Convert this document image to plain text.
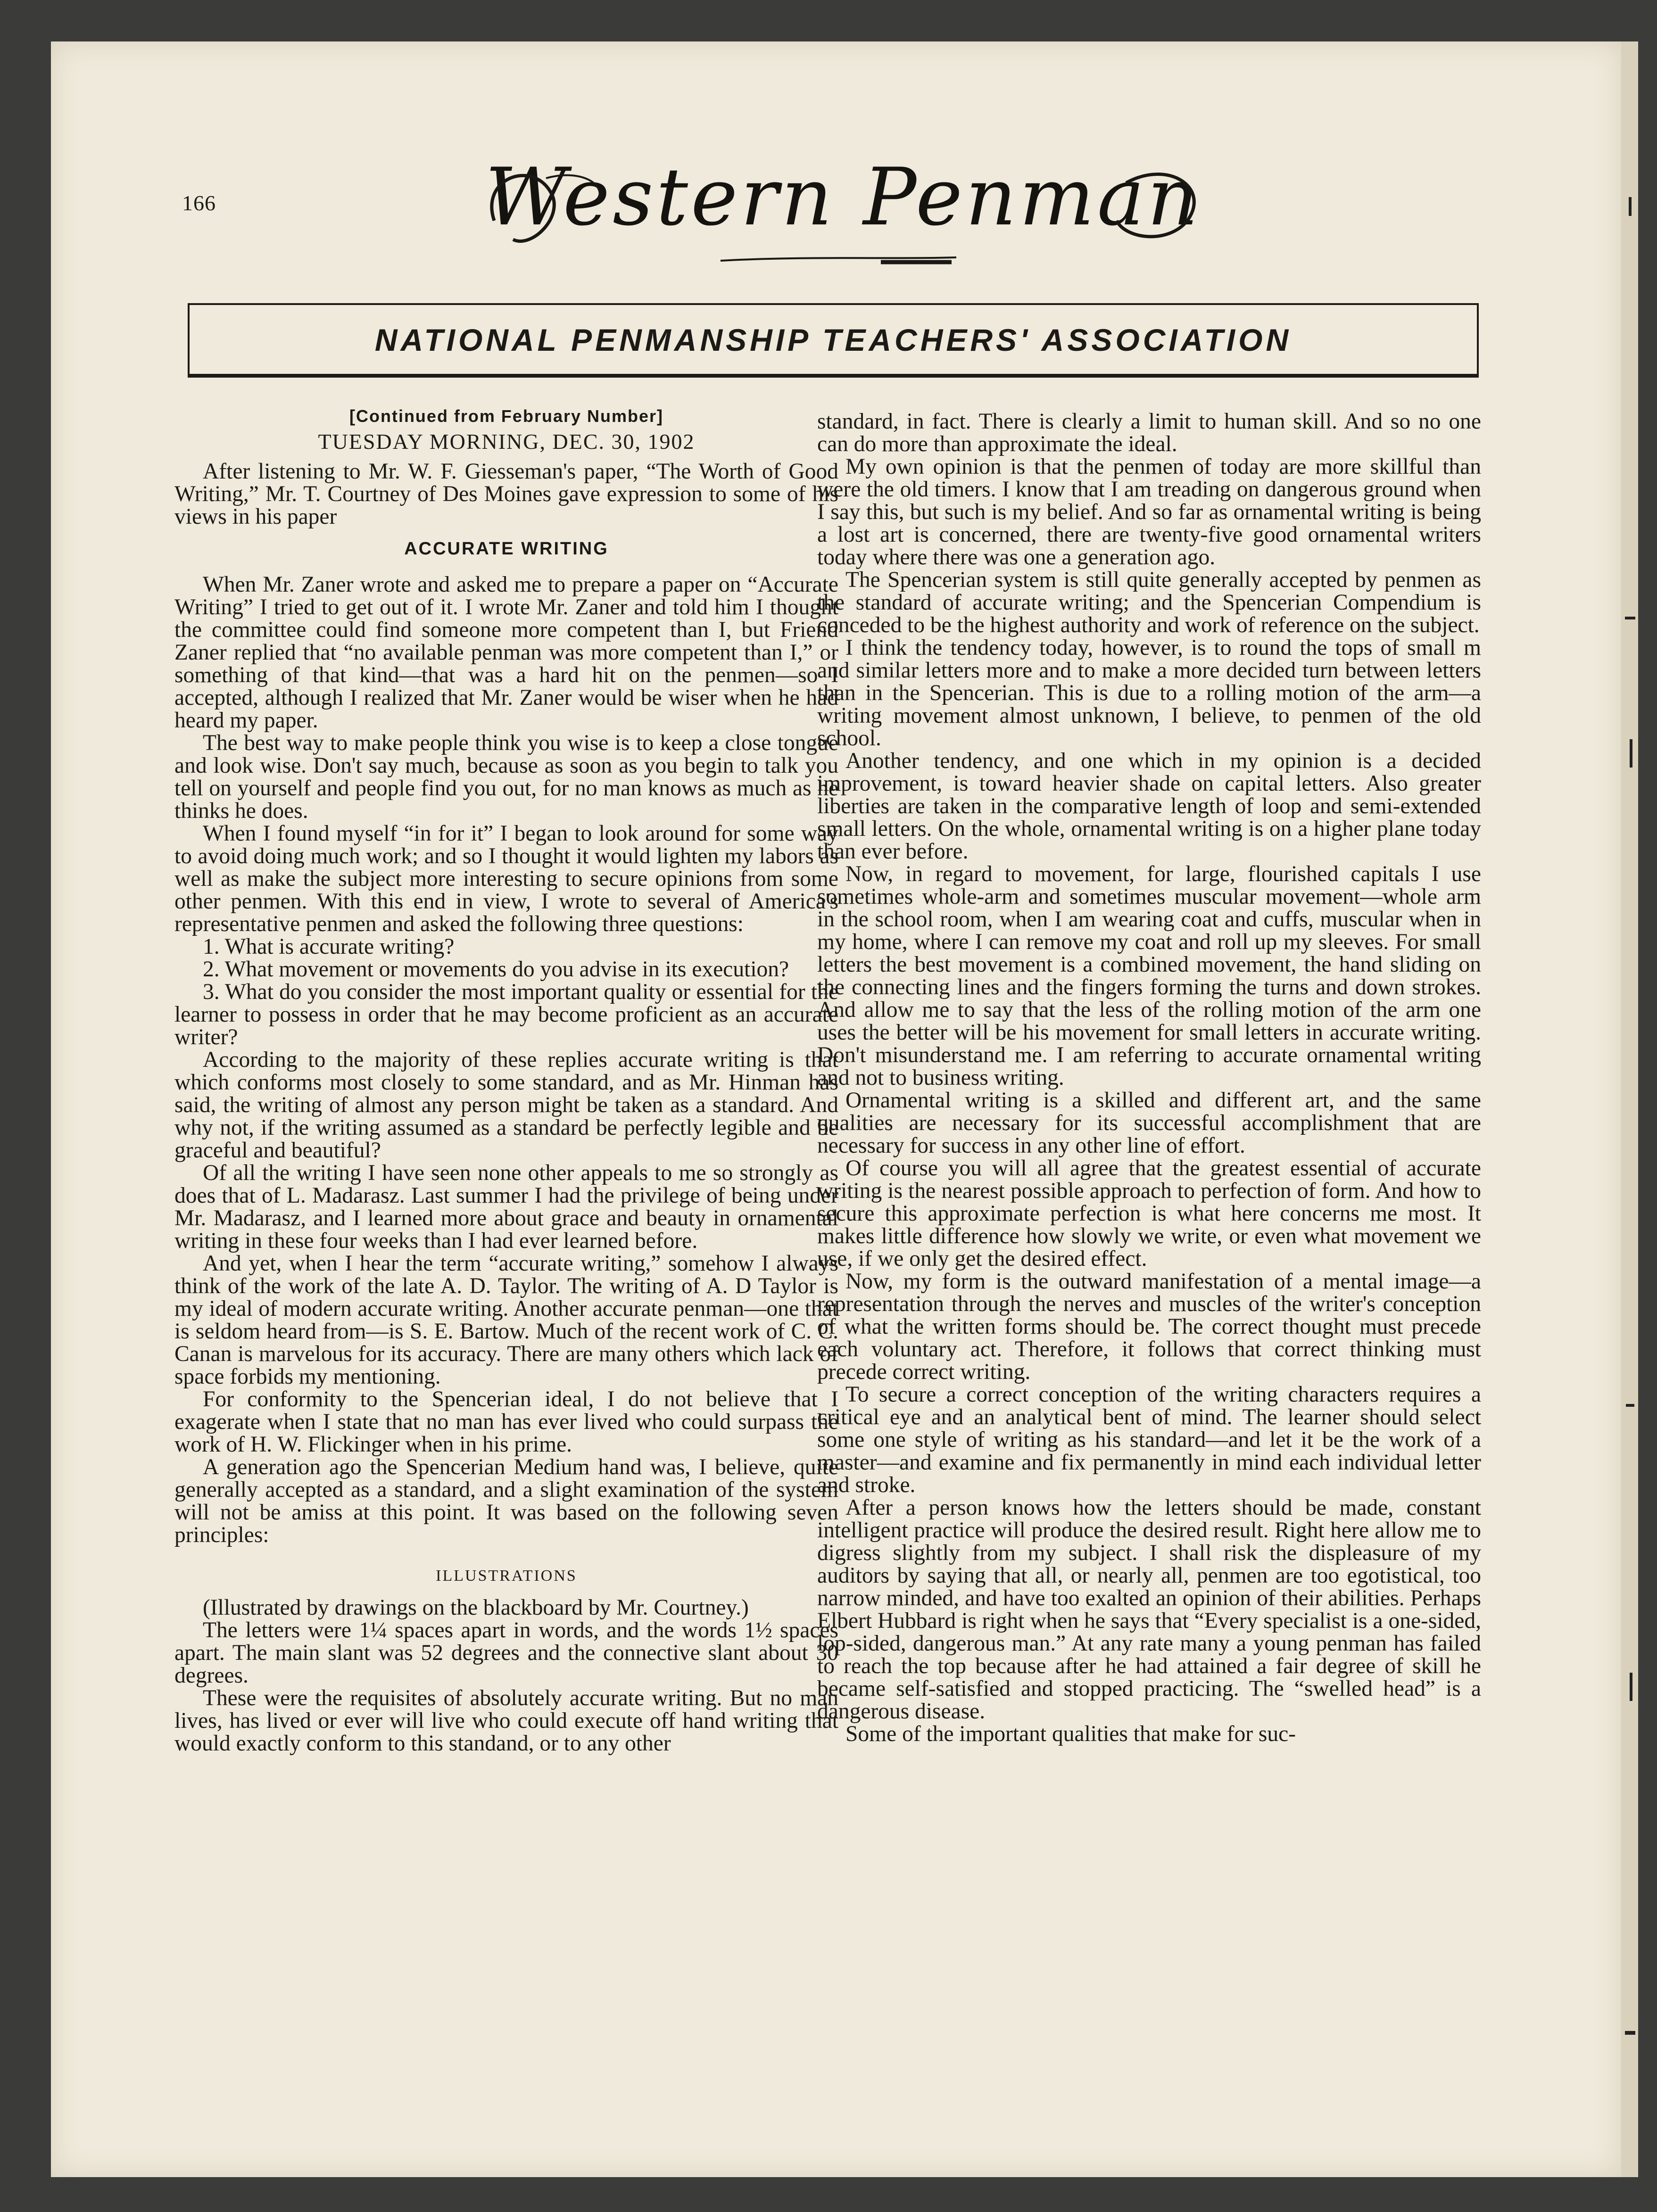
166	Western Penman
NATIONAL PENMANSHIP TEACHERS' ASSOCIATION
[Continued from February Number]
TUESDAY MORNING, DEC. 30, 1902

After listening to Mr. W. F. Giesseman's paper, “The Worth of Good Writing,” Mr. T. Courtney of Des Moines gave expression to some of his views in his paper

ACCURATE WRITING

When Mr. Zaner wrote and asked me to prepare a paper on “Accurate Writing” I tried to get out of it. I wrote Mr. Zaner and told him I thought the committee could find someone more competent than I, but Friend Zaner replied that “no available penman was more competent than I,” or something of that kind—that was a hard hit on the penmen—so I accepted, although I realized that Mr. Zaner would be wiser when he had heard my paper.

The best way to make people think you wise is to keep a close tongue and look wise. Don't say much, because as soon as you begin to talk you tell on yourself and people find you out, for no man knows as much as he thinks he does.

When I found myself “in for it” I began to look around for some way to avoid doing much work; and so I thought it would lighten my labors as well as make the subject more interesting to secure opinions from some other penmen. With this end in view, I wrote to several of America's representative penmen and asked the following three questions:

1. What is accurate writing?

2. What movement or movements do you advise in its execution?

3. What do you consider the most important quality or essential for the learner to possess in order that he may become proficient as an accurate writer?

According to the majority of these replies accurate writing is that which conforms most closely to some standard, and as Mr. Hinman has said, the writing of almost any person might be taken as a standard. And why not, if the writing assumed as a standard be perfectly legible and be graceful and beautiful?

Of all the writing I have seen none other appeals to me so strongly as does that of L. Madarasz. Last summer I had the privilege of being under Mr. Madarasz, and I learned more about grace and beauty in ornamental writing in these four weeks than I had ever learned before.

And yet, when I hear the term “accurate writing,” somehow I always think of the work of the late A. D. Taylor. The writing of A. D Taylor is my ideal of modern accurate writing. Another accurate penman—one that is seldom heard from—is S. E. Bartow. Much of the recent work of C. C. Canan is marvelous for its accuracy. There are many others which lack of space forbids my mentioning.

For conformity to the Spencerian ideal, I do not believe that I exagerate when I state that no man has ever lived who could surpass the work of H. W. Flickinger when in his prime.

A generation ago the Spencerian Medium hand was, I believe, quite generally accepted as a standard, and a slight examination of the system will not be amiss at this point. It was based on the following seven principles:

ILLUSTRATIONS

(Illustrated by drawings on the blackboard by Mr. Courtney.)

The letters were 1¼ spaces apart in words, and the words 1½ spaces apart. The main slant was 52 degrees and the connective slant about 30 degrees.

These were the requisites of absolutely accurate writing. But no man lives, has lived or ever will live who could execute off hand writing that would exactly conform to this standand, or to any other

standard, in fact. There is clearly a limit to human skill. And so no one can do more than approximate the ideal.

My own opinion is that the penmen of today are more skillful than were the old timers. I know that I am treading on dangerous ground when I say this, but such is my belief. And so far as ornamental writing is being a lost art is concerned, there are twenty-five good ornamental writers today where there was one a generation ago.

The Spencerian system is still quite generally accepted by penmen as the standard of accurate writing; and the Spencerian Compendium is conceded to be the highest authority and work of reference on the subject.

I think the tendency today, however, is to round the tops of small m and similar letters more and to make a more decided turn between letters than in the Spencerian. This is due to a rolling motion of the arm—a writing movement almost unknown, I believe, to penmen of the old school.

Another tendency, and one which in my opinion is a decided improvement, is toward heavier shade on capital letters. Also greater liberties are taken in the comparative length of loop and semi-extended small letters. On the whole, ornamental writing is on a higher plane today than ever before.

Now, in regard to movement, for large, flourished capitals I use sometimes whole-arm and sometimes muscular movement—whole arm in the school room, when I am wearing coat and cuffs, muscular when in my home, where I can remove my coat and roll up my sleeves. For small letters the best movement is a combined movement, the hand sliding on the connecting lines and the fingers forming the turns and down strokes. And allow me to say that the less of the rolling motion of the arm one uses the better will be his movement for small letters in accurate writing. Don't misunderstand me. I am referring to accurate ornamental writing and not to business writing.

Ornamental writing is a skilled and different art, and the same qualities are necessary for its successful accomplishment that are necessary for success in any other line of effort.

Of course you will all agree that the greatest essential of accurate writing is the nearest possible approach to perfection of form. And how to secure this approximate perfection is what here concerns me most. It makes little difference how slowly we write, or even what movement we use, if we only get the desired effect.

Now, my form is the outward manifestation of a mental image—a representation through the nerves and muscles of the writer's conception of what the written forms should be. The correct thought must precede each voluntary act. Therefore, it follows that correct thinking must precede correct writing.

To secure a correct conception of the writing characters requires a critical eye and an analytical bent of mind. The learner should select some one style of writing as his standard—and let it be the work of a master—and examine and fix permanently in mind each individual letter and stroke.

After a person knows how the letters should be made, constant intelligent practice will produce the desired result. Right here allow me to digress slightly from my subject. I shall risk the displeasure of my auditors by saying that all, or nearly all, penmen are too egotistical, too narrow minded, and have too exalted an opinion of their abilities. Perhaps Elbert Hubbard is right when he says that “Every specialist is a one-sided, lop-sided, dangerous man.” At any rate many a young penman has failed to reach the top because after he had attained a fair degree of skill he became self-satisfied and stopped practicing. The “swelled head” is a dangerous disease.

Some of the important qualities that make for suc-
